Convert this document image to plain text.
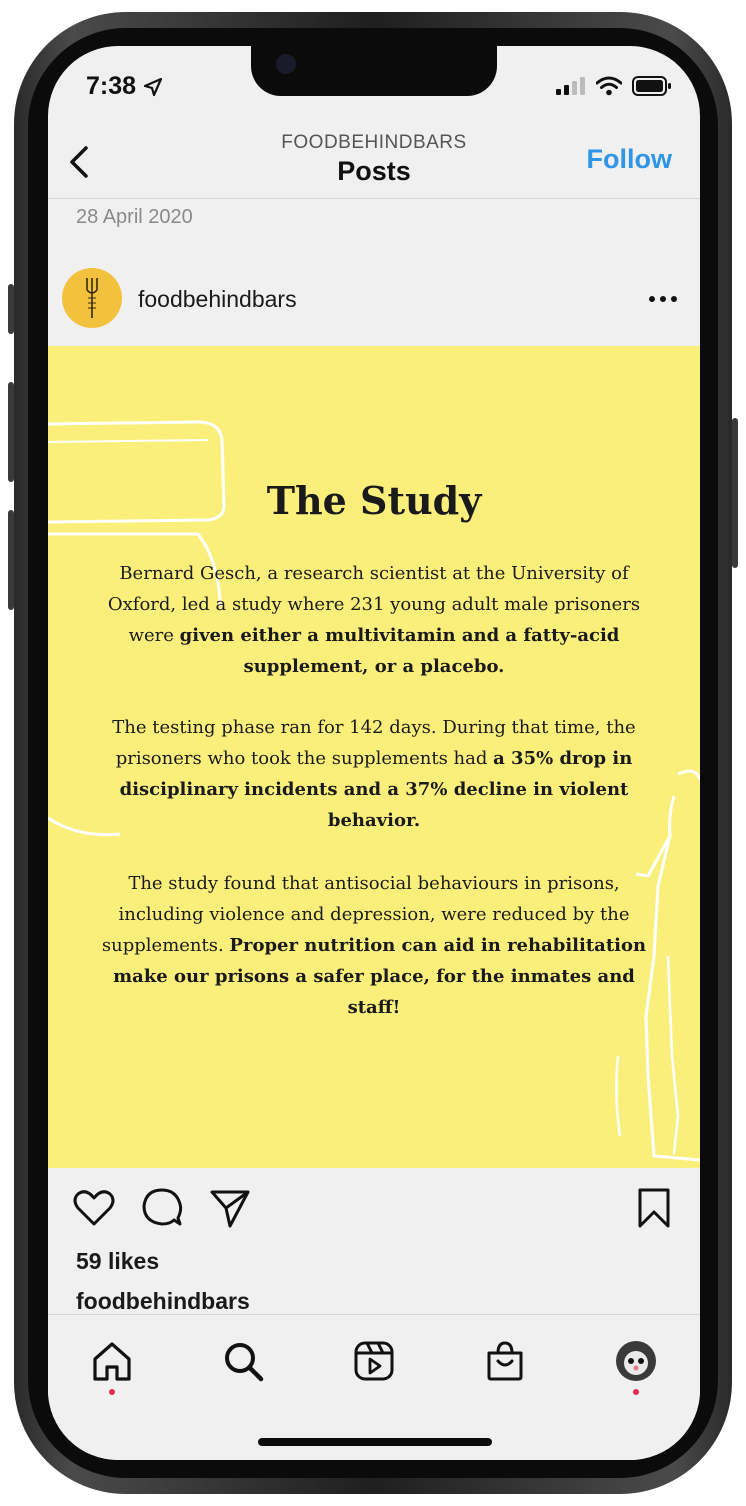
7:38
FOODBEHINDBARS
Posts	Follow
28 April 2020
foodbehindbars
The Study
Bernard Gesch, a research scientist at the University of Oxford, led a study where 231 young adult male prisoners were given either a multivitamin and a fatty-acid supplement, or a placebo.
The testing phase ran for 142 days. During that time, the prisoners who took the supplements had a 35% drop in disciplinary incidents and a 37% decline in violent behavior.
The study found that antisocial behaviours in prisons, including violence and depression, were reduced by the supplements. Proper nutrition can aid in rehabilitation make our prisons a safer place, for the inmates and staff!
59 likes
foodbehindbars
